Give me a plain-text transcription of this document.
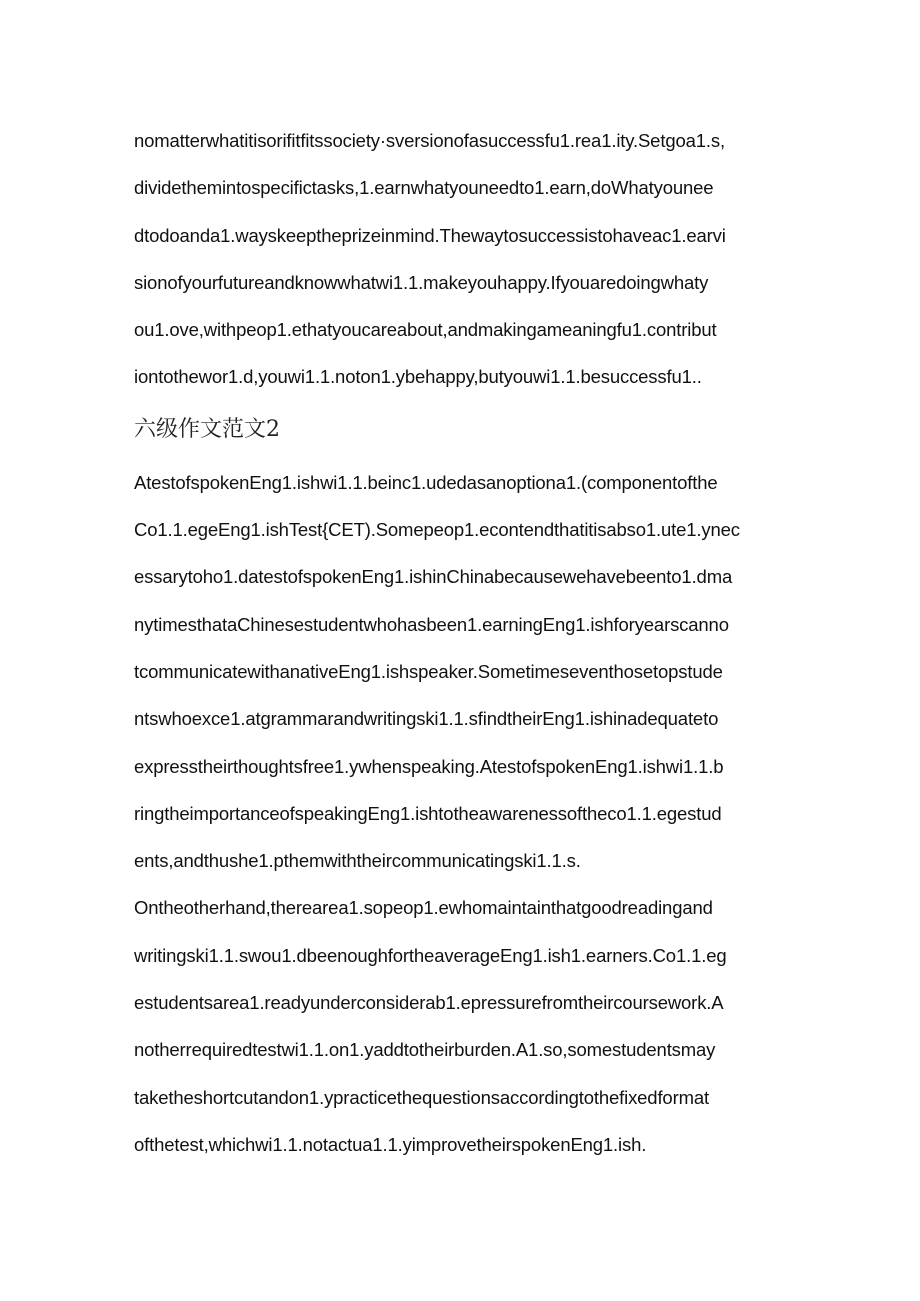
nomatterwhatitisorifitfitssociety·sversionofasuccessfu1.rea1.ity.Setgoa1.s,
dividethemintospecifictasks,1.earnwhatyouneedto1.earn,doWhatyounee
dtodoanda1.wayskeeptheprizeinmind.Thewaytosuccessistohaveac1.earvi
sionofyourfutureandknowwhatwi1.1.makeyouhappy.Ifyouaredoingwhaty
ou1.ove,withpeop1.ethatyoucareabout,andmakingameaningfu1.contribut
iontothewor1.d,youwi1.1.noton1.ybehappy,butyouwi1.1.besuccessfu1..
六级作文范文2
AtestofspokenEng1.ishwi1.1.beinc1.udedasanoptiona1.(componentofthe
Co1.1.egeEng1.ishTest{CET).Somepeop1.econtendthatitisabso1.ute1.ynec
essarytoho1.datestofspokenEng1.ishinChinabecausewehavebeento1.dma
nytimesthataChinesestudentwhohasbeen1.earningEng1.ishforyearscanno
tcommunicatewithanativeEng1.ishspeaker.Sometimeseventhosetopstude
ntswhoexce1.atgrammarandwritingski1.1.sfindtheirEng1.ishinadequateto
expresstheirthoughtsfree1.ywhenspeaking.AtestofspokenEng1.ishwi1.1.b
ringtheimportanceofspeakingEng1.ishtotheawarenessoftheco1.1.egestud
ents,andthushe1.pthemwiththeircommunicatingski1.1.s.
Ontheotherhand,therearea1.sopeop1.ewhomaintainthatgoodreadingand
writingski1.1.swou1.dbeenoughfortheaverageEng1.ish1.earners.Co1.1.eg
estudentsarea1.readyunderconsiderab1.epressurefromtheircoursework.A
notherrequiredtestwi1.1.on1.yaddtotheirburden.A1.so,somestudentsmay
taketheshortcutandon1.ypracticethequestionsaccordingtothefixedformat
ofthetest,whichwi1.1.notactua1.1.yimprovetheirspokenEng1.ish.
